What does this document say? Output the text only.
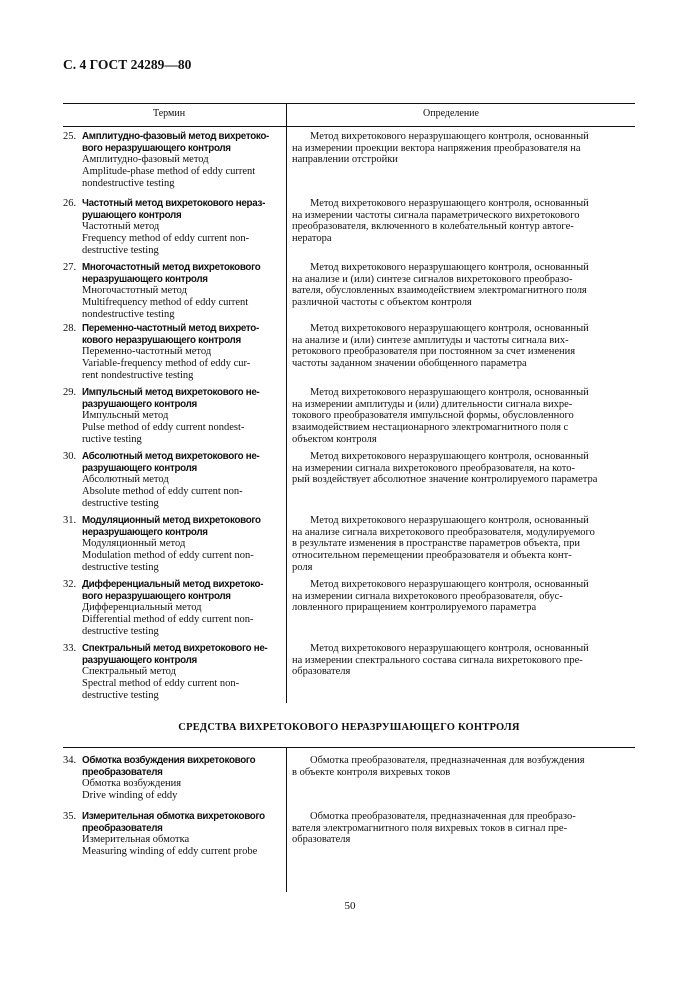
С. 4 ГОСТ 24289—80
Термин	Определение
25. Амплитудно-фазовый метод вихретоко-
вого неразрушающего контроля
Амплитудно-фазовый метод
Amplitude-phase method of eddy current
nondestructive testing
Метод вихретокового неразрушающего контроля, основанный
на измерении проекции вектора напряжения преобразователя на
направлении отстройки
26. Частотный метод вихретокового нераз-
рушающего контроля
Частотный метод
Frequency method of eddy current non-
destructive testing
Метод вихретокового неразрушающего контроля, основанный
на измерении частоты сигнала параметрического вихретокового
преобразователя, включенного в колебательный контур автоге-
нератора
27. Многочастотный метод вихретокового
неразрушающего контроля
Многочастотный метод
Multifrequency method of eddy current
nondestructive testing
Метод вихретокового неразрушающего контроля, основанный
на анализе и (или) синтезе сигналов вихретокового преобразо-
вателя, обусловленных взаимодействием электромагнитного поля
различной частоты с объектом контроля
28. Переменно-частотный метод вихрето-
кового неразрушающего контроля
Переменно-частотный метод
Variable-frequency method of eddy cur-
rent nondestructive testing
Метод вихретокового неразрушающего контроля, основанный
на анализе и (или) синтезе амплитуды и частоты сигнала вих-
ретокового преобразователя при постоянном за счет изменения
частоты заданном значении обобщенного параметра
29. Импульсный метод вихретокового не-
разрушающего контроля
Импульсный метод
Pulse method of eddy current nondest-
ructive testing
Метод вихретокового неразрушающего контроля, основанный
на измерении амплитуды и (или) длительности сигнала вихре-
токового преобразователя импульсной формы, обусловленного
взаимодействием нестационарного электромагнитного поля с
объектом контроля
30. Абсолютный метод вихретокового не-
разрушающего контроля
Абсолютный метод
Absolute method of eddy current non-
destructive testing
Метод вихретокового неразрушающего контроля, основанный
на измерении сигнала вихретокового преобразователя, на кото-
рый воздействует абсолютное значение контролируемого параметра
31. Модуляционный метод вихретокового
неразрушающего контроля
Модуляционный метод
Modulation method of eddy current non-
destructive testing
Метод вихретокового неразрушающего контроля, основанный
на анализе сигнала вихретокового преобразователя, модулируемого
в результате изменения в пространстве параметров объекта, при
относительном перемещении преобразователя и объекта конт-
роля
32. Дифференциальный метод вихретоко-
вого неразрушающего контроля
Дифференциальный метод
Differential method of eddy current non-
destructive testing
Метод вихретокового неразрушающего контроля, основанный
на измерении сигнала вихретокового преобразователя, обус-
ловленного приращением контролируемого параметра
33. Спектральный метод вихретокового не-
разрушающего контроля
Спектральный метод
Spectral method of eddy current non-
destructive testing
Метод вихретокового неразрушающего контроля, основанный
на измерении спектрального состава сигнала вихретокового пре-
образователя
СРЕДСТВА ВИХРЕТОКОВОГО НЕРАЗРУШАЮЩЕГО КОНТРОЛЯ
34. Обмотка возбуждения вихретокового
преобразователя
Обмотка возбуждения
Drive winding of eddy
Обмотка преобразователя, предназначенная для возбуждения
в объекте контроля вихревых токов
35. Измерительная обмотка вихретокового
преобразователя
Измерительная обмотка
Measuring winding of eddy current probe
Обмотка преобразователя, предназначенная для преобразо-
вателя электромагнитного поля вихревых токов в сигнал пре-
образователя
50
